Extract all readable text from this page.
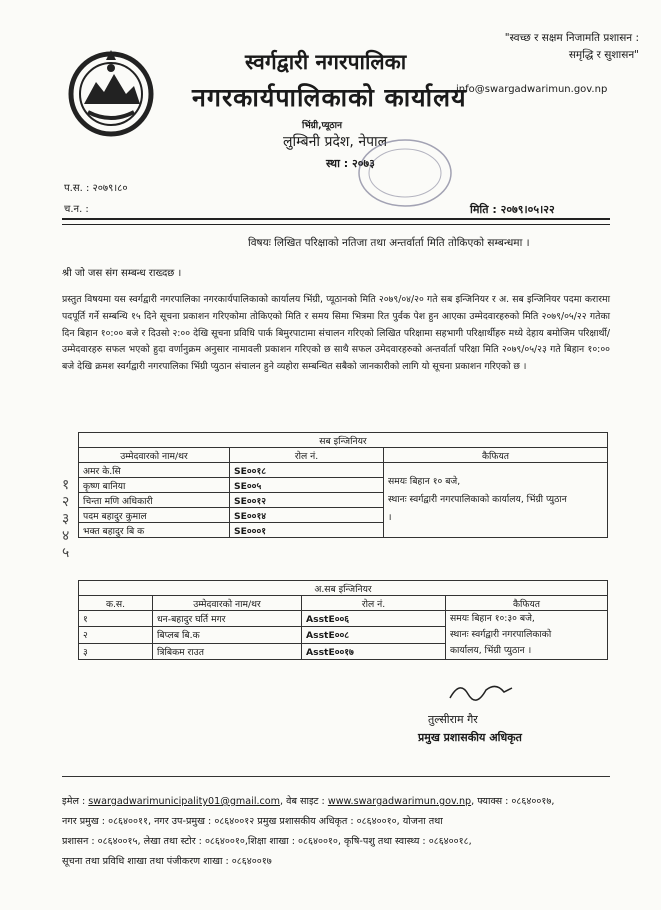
"स्वच्छ र सक्षम निजामति प्रशासन :
समृद्धि र सुशासन"
स्वर्गद्वारी नगरपालिका
नगरकार्यपालिकाको कार्यालय
info@swargadwarimun.gov.np
भिंग्री,प्यूठान
लुम्बिनी प्रदेश, नेपाल
स्था : २०७३
प.स. : २०७९।८०
च.न. :	मिति : २०७९।०५।२२
विषयः लिखित परिक्षाको नतिजा तथा अन्तर्वार्ता मिति तोकिएको सम्बन्धमा ।
श्री जो जस संग सम्बन्ध राख्दछ ।
प्रस्तुत विषयमा यस स्वर्गद्वारी नगरपालिका नगरकार्यपालिकाको कार्यालय भिंग्री, प्यूठानको मिति २०७९/०४/२० गते सब इन्जिनियर र अ. सब इन्जिनियर पदमा करारमा पदपूर्ति गर्ने सम्बन्धि १५ दिने सूचना प्रकाशन गरिएकोमा तोकिएको मिति र समय सिमा भित्रमा रित पुर्वक पेश हुन आएका उम्मेदवारहरुको मिति २०७९/०५/२२ गतेका दिन बिहान १०:०० बजे र दिउसो २:०० देखि सूचना प्रविधि पार्क बिमुरपाटामा संचालन गरिएको लिखित परिक्षामा सहभागी परिक्षार्थीहरु मध्ये देहाय बमोजिम परिक्षार्थी/उम्मेदवारहरु सफल भएको हुदा वर्णानुक्रम अनुसार नामावली प्रकाशन गरिएको छ साथै सफल उमेदवारहरुको अन्तर्वार्ता परिक्षा मिति २०७९/०५/२३ गते बिहान १०:०० बजे देखि क्रमश स्वर्गद्वारी नगरपालिका भिंग्री प्युठान संचालन हुने व्यहोरा सम्बन्धित सबैको जानकारीको लागि यो सूचना प्रकाशन गरिएको छ ।
१
२
३
४
५
सब इन्जिनियर		
उम्मेदवारको नाम/थर	रोल नं.	कैफियत
अमर के.सि	SE००१८	समयः बिहान १० बजे,
स्थानः स्वर्गद्वारी नगरपालिकाको कार्यालय, भिंग्री प्युठान
।

कृष्ण बानिया	SE००५	
चिन्ता मणि अधिकारी	SE००१२	
पदम बहादुर कुमाल	SE००१४	
भक्त बहादुर बि क	SE०००१	
अ.सब इन्जिनियर			
क.स.	उम्मेदवारको नाम/थर	रोल नं.	कैफियत
१	धन-बहादुर घर्ति मगर	AsstE००६	समयः बिहान १०:३० बजे,
स्थानः स्वर्गद्वारी नगरपालिकाको
कार्यालय, भिंग्री प्युठान ।

२	बिप्लब बि.क	AsstE००८	
३	त्रिबिकम राउत	AsstE००१७	
तुल्सीराम गैर
प्रमुख प्रशासकीय अधिकृत
इमेल : swargadwarimunicipality01@gmail.com, वेब साइट : www.swargadwarimun.gov.np, फ्याक्स : ०८६४००१७,
नगर प्रमुख : ०८६४००११, नगर उप-प्रमुख : ०८६४००१२ प्रमुख प्रशासकीय अधिकृत : ०८६४००१०, योजना तथा
प्रशासन : ०८६४००१५, लेखा तथा स्टोर : ०८६४००१०,शिक्षा शाखा : ०८६४००१०, कृषि-पशु तथा स्वास्थ्य : ०८६४००१८,
सूचना तथा प्रविधि शाखा तथा पंजीकरण शाखा : ०८६४००१७
